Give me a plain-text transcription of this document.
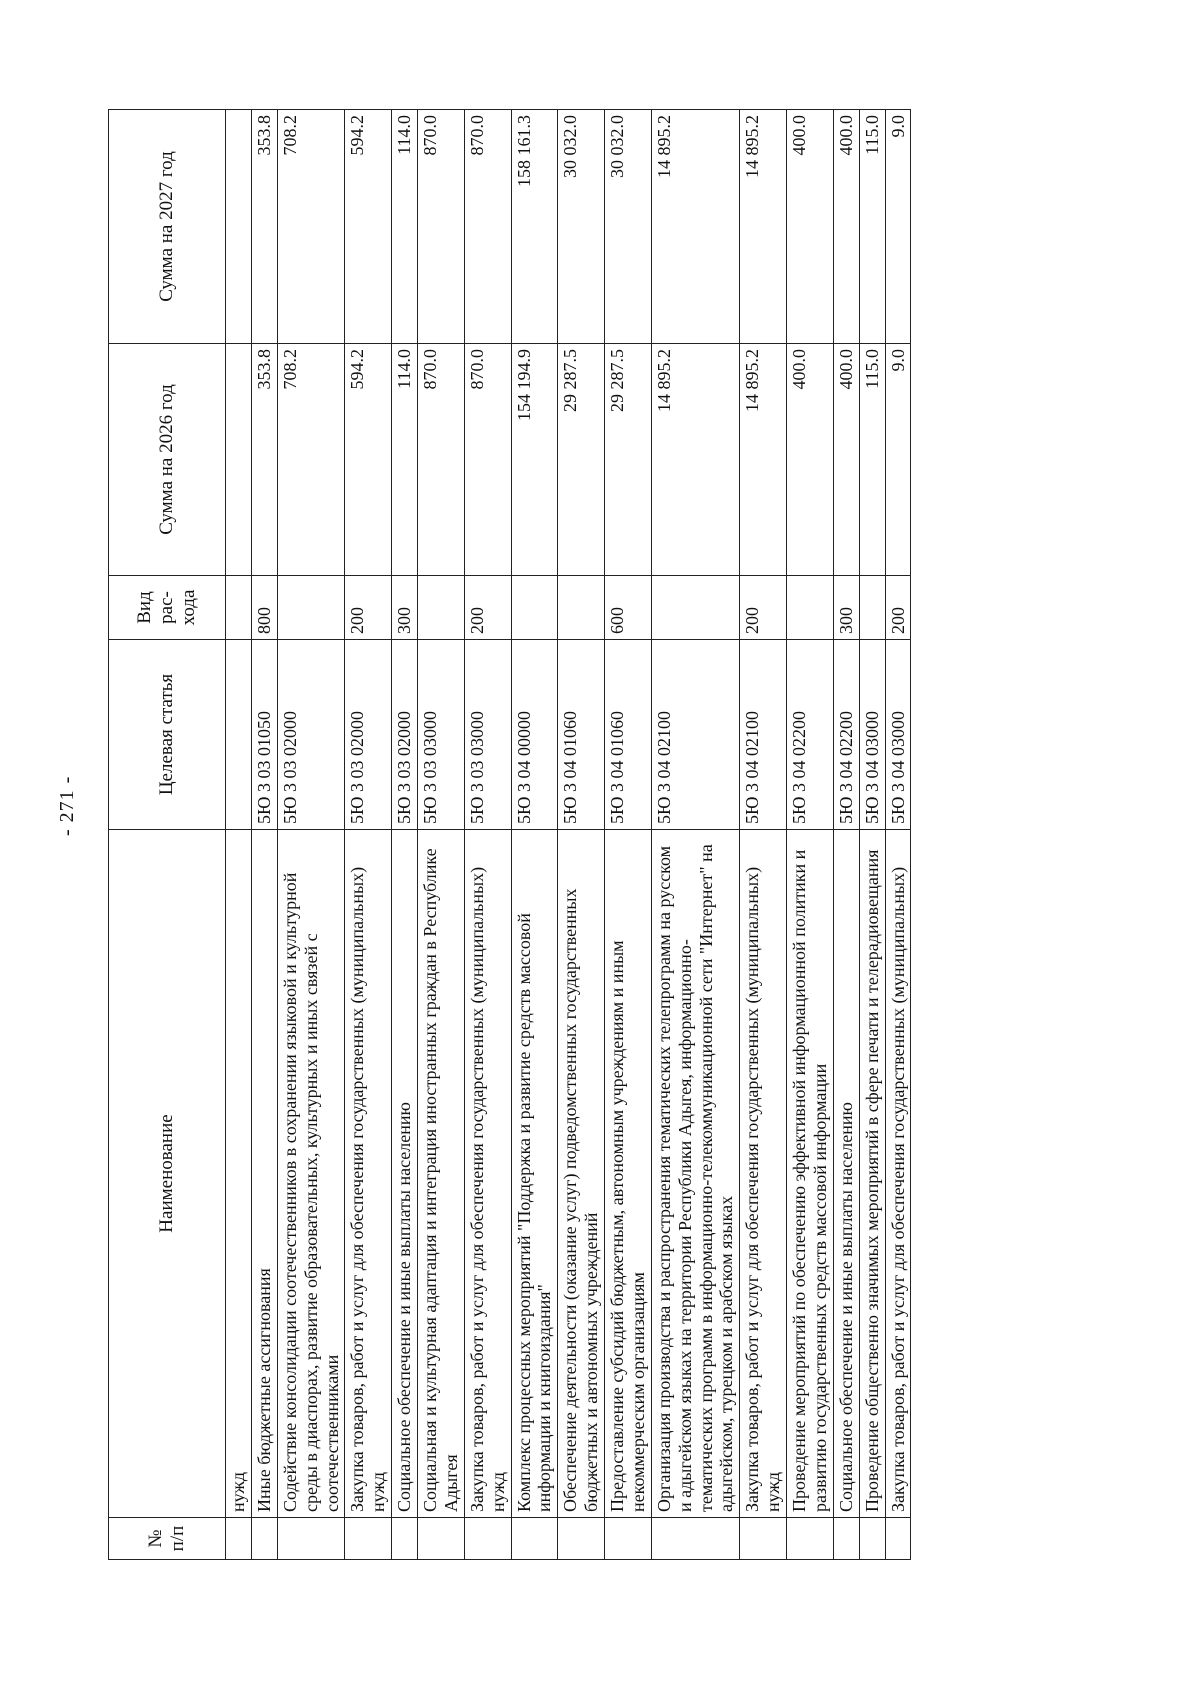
- 271 -
№ п/п	Наименование	Целевая статья	Вид рас-хода	Сумма на 2026 год	Сумма на 2027 год
	нужд				
	Иные бюджетные ассигнования	5Ю 3 03 01050	800	353.8	353.8
	Содействие консолидации соотечественников в сохранении языковой и культурной среды в диаспорах, развитие образовательных, культурных и иных связей с соотечественниками	5Ю 3 03 02000		708.2	708.2
	Закупка товаров, работ и услуг для обеспечения государственных (муниципальных) нужд	5Ю 3 03 02000	200	594.2	594.2
	Социальное обеспечение и иные выплаты населению	5Ю 3 03 02000	300	114.0	114.0
	Социальная и культурная адаптация и интеграция иностранных граждан в Республике Адыгея	5Ю 3 03 03000		870.0	870.0
	Закупка товаров, работ и услуг для обеспечения государственных (муниципальных) нужд	5Ю 3 03 03000	200	870.0	870.0
	Комплекс процессных мероприятий "Поддержка и развитие средств массовой информации и книгоиздания"	5Ю 3 04 00000		154 194.9	158 161.3
	Обеспечение деятельности (оказание услуг) подведомственных государственных бюджетных и автономных учреждений	5Ю 3 04 01060		29 287.5	30 032.0
	Предоставление субсидий бюджетным, автономным учреждениям и иным некоммерческим организациям	5Ю 3 04 01060	600	29 287.5	30 032.0
	Организация производства и распространения тематических телепрограмм на русском и адыгейском языках на территории Республики Адыгея, информационно-тематических программ в информационно-телекоммуникационной сети "Интернет" на адыгейском, турецком и арабском языках	5Ю 3 04 02100		14 895.2	14 895.2
	Закупка товаров, работ и услуг для обеспечения государственных (муниципальных) нужд	5Ю 3 04 02100	200	14 895.2	14 895.2
	Проведение мероприятий по обеспечению эффективной информационной политики и развитию государственных средств массовой информации	5Ю 3 04 02200		400.0	400.0
	Социальное обеспечение и иные выплаты населению	5Ю 3 04 02200	300	400.0	400.0
	Проведение общественно значимых мероприятий в сфере печати и телерадиовещания	5Ю 3 04 03000		115.0	115.0
	Закупка товаров, работ и услуг для обеспечения государственных (муниципальных)	5Ю 3 04 03000	200	9.0	9.0
